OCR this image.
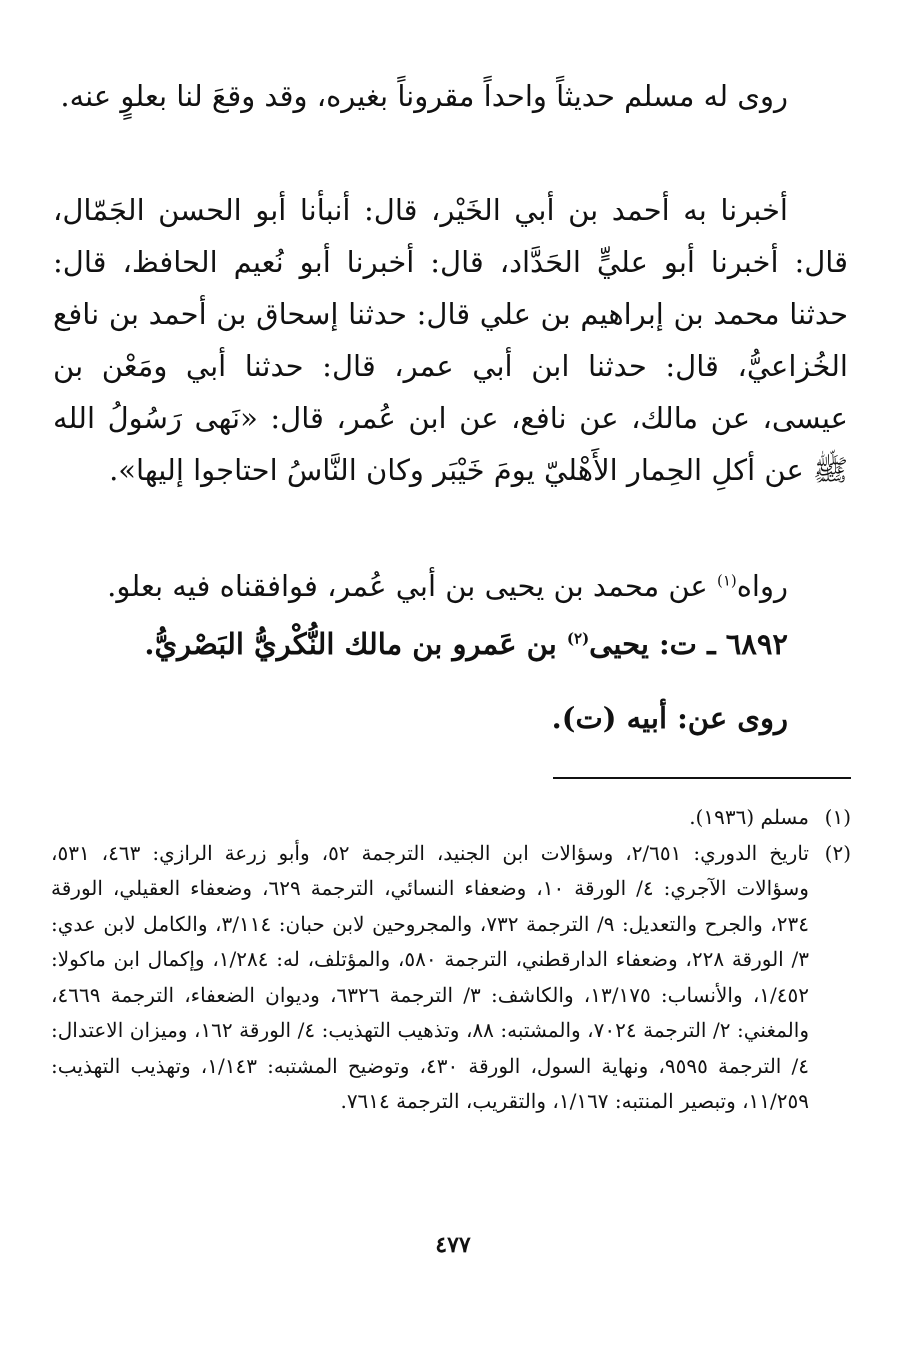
روى له مسلم حديثاً واحداً مقروناً بغيره، وقد وقعَ لنا بعلوٍ عنه.

أخبرنا به أحمد بن أبي الخَيْر، قال: أنبأنا أبو الحسن الجَمّال، قال: أخبرنا أبو عليٍّ الحَدَّاد، قال: أخبرنا أبو نُعيم الحافظ، قال: حدثنا محمد بن إبراهيم بن علي قال: حدثنا إسحاق بن أحمد بن نافع الخُزاعيُّ، قال: حدثنا ابن أبي عمر، قال: حدثنا أبي ومَعْن بن عيسى، عن مالك، عن نافع، عن ابن عُمر، قال: «نَهى رَسُولُ الله ﷺ عن أكلِ الحِمار الأَهْليّ يومَ خَيْبَر وكان النَّاسُ احتاجوا إليها».

رواه$^{(١)}$ عن محمد بن يحيى بن أبي عُمر، فوافقناه فيه بعلو.

٦٨٩٢ ـ ت: يحيى$^{(٢)}$ بن عَمرو بن مالك النُّكْريُّ البَصْريُّ.

روى عن: أبيه (ت).

(١)
مسلم (١٩٣٦).
(٢)
تاريخ الدوري: ٢/٦٥١، وسؤالات ابن الجنيد، الترجمة ٥٢، وأبو زرعة الرازي: ٤٦٣، ٥٣١، وسؤالات الآجري: ٤/ الورقة ١٠، وضعفاء النسائي، الترجمة ٦٢٩، وضعفاء العقيلي، الورقة ٢٣٤، والجرح والتعديل: ٩/ الترجمة ٧٣٢، والمجروحين لابن حبان: ٣/١١٤، والكامل لابن عدي: ٣/ الورقة ٢٢٨، وضعفاء الدارقطني، الترجمة ٥٨٠، والمؤتلف، له: ١/٢٨٤، وإكمال ابن ماكولا: ١/٤٥٢، والأنساب: ١٣/١٧٥، والكاشف: ٣/ الترجمة ٦٣٢٦، وديوان الضعفاء، الترجمة ٤٦٦٩، والمغني: ٢/ الترجمة ٧٠٢٤، والمشتبه: ٨٨، وتذهيب التهذيب: ٤/ الورقة ١٦٢، وميزان الاعتدال: ٤/ الترجمة ٩٥٩٥، ونهاية السول، الورقة ٤٣٠، وتوضيح المشتبه: ١/١٤٣، وتهذيب التهذيب: ١١/٢٥٩، وتبصير المنتبه: ١/١٦٧، والتقريب، الترجمة ٧٦١٤.
٤٧٧
